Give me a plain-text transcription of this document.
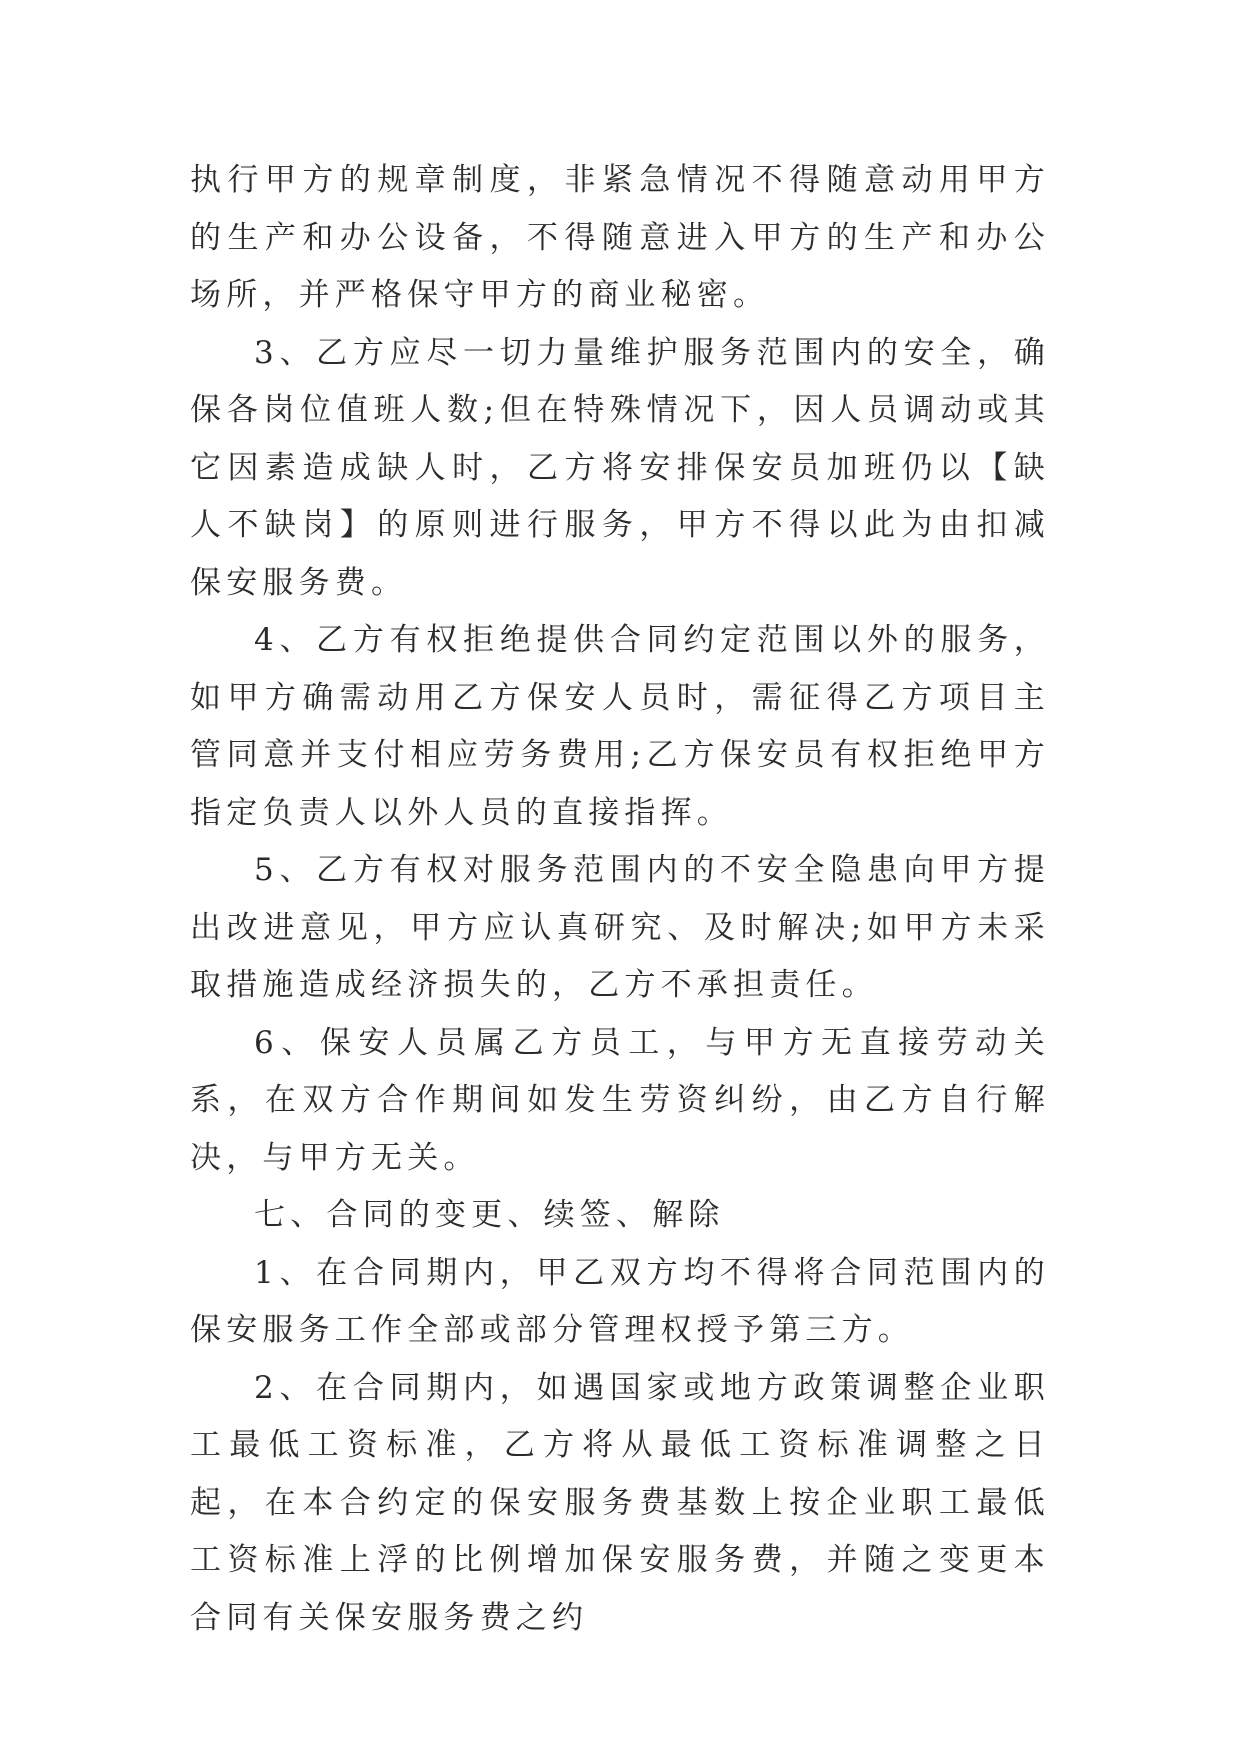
执行甲方的规章制度，非紧急情况不得随意动用甲方的生产和办公设备，不得随意进入甲方的生产和办公场所，并严格保守甲方的商业秘密。

3、乙方应尽一切力量维护服务范围内的安全，确保各岗位值班人数;但在特殊情况下，因人员调动或其它因素造成缺人时，乙方将安排保安员加班仍以【缺人不缺岗】的原则进行服务，甲方不得以此为由扣减保安服务费。

4、乙方有权拒绝提供合同约定范围以外的服务，如甲方确需动用乙方保安人员时，需征得乙方项目主管同意并支付相应劳务费用;乙方保安员有权拒绝甲方指定负责人以外人员的直接指挥。

5、乙方有权对服务范围内的不安全隐患向甲方提出改进意见，甲方应认真研究、及时解决;如甲方未采取措施造成经济损失的，乙方不承担责任。

6、保安人员属乙方员工，与甲方无直接劳动关系，在双方合作期间如发生劳资纠纷，由乙方自行解决，与甲方无关。

七、合同的变更、续签、解除

1、在合同期内，甲乙双方均不得将合同范围内的保安服务工作全部或部分管理权授予第三方。

2、在合同期内，如遇国家或地方政策调整企业职工最低工资标准，乙方将从最低工资标准调整之日起，在本合约定的保安服务费基数上按企业职工最低工资标准上浮的比例增加保安服务费，并随之变更本合同有关保安服务费之约
